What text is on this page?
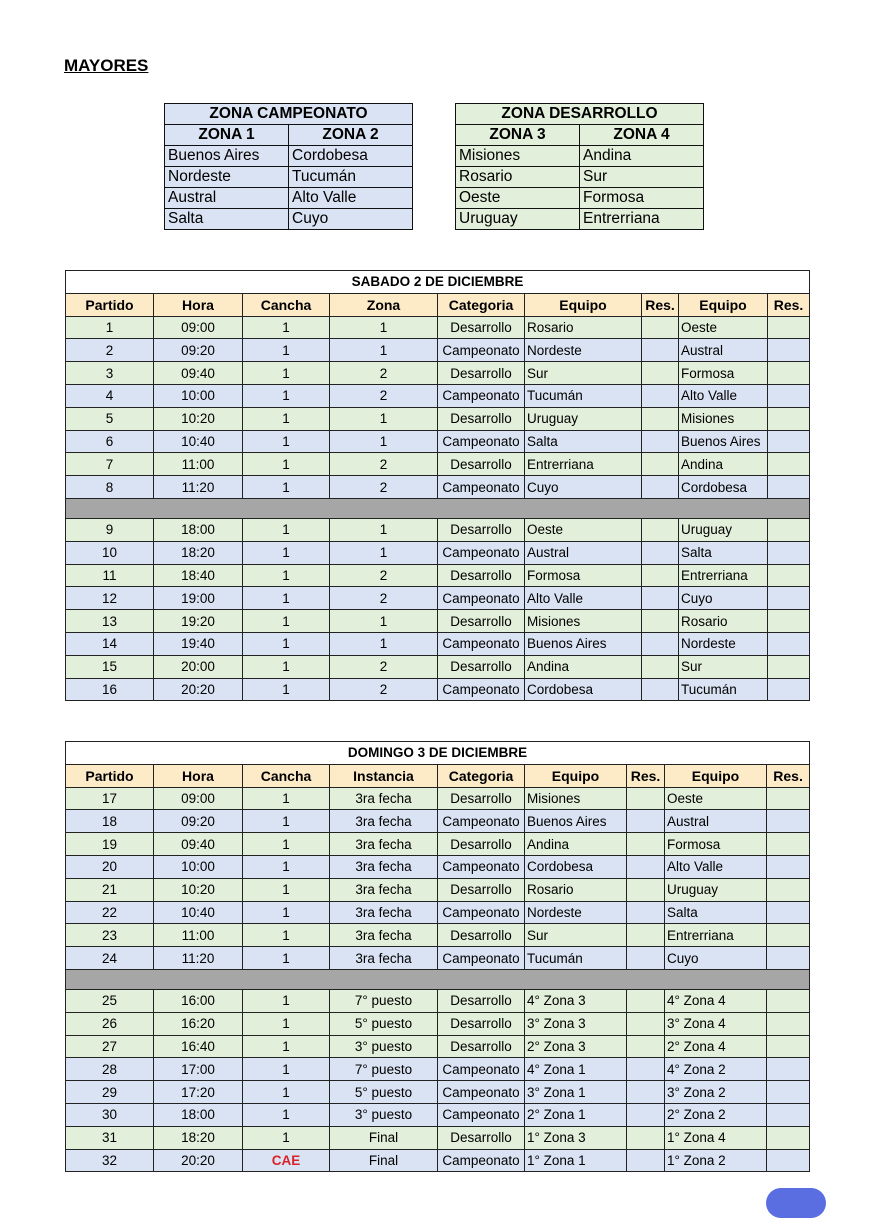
MAYORES
ZONA CAMPEONATO	
ZONA 1	ZONA 2
Buenos Aires	Cordobesa
Nordeste	Tucumán
Austral	Alto Valle
Salta	Cuyo
ZONA DESARROLLO	
ZONA 3	ZONA 4
Misiones	Andina
Rosario	Sur
Oeste	Formosa
Uruguay	Entrerriana
SABADO 2 DE DICIEMBRE								
Partido	Hora	Cancha	Zona	Categoria	Equipo	Res.	Equipo	Res.
1	09:00	1	1	Desarrollo	Rosario		Oeste	
2	09:20	1	1	Campeonato	Nordeste		Austral	
3	09:40	1	2	Desarrollo	Sur		Formosa	
4	10:00	1	2	Campeonato	Tucumán		Alto Valle	
5	10:20	1	1	Desarrollo	Uruguay		Misiones	
6	10:40	1	1	Campeonato	Salta		Buenos Aires	
7	11:00	1	2	Desarrollo	Entrerriana		Andina	
8	11:20	1	2	Campeonato	Cuyo		Cordobesa	

9	18:00	1	1	Desarrollo	Oeste		Uruguay	
10	18:20	1	1	Campeonato	Austral		Salta	
11	18:40	1	2	Desarrollo	Formosa		Entrerriana	
12	19:00	1	2	Campeonato	Alto Valle		Cuyo	
13	19:20	1	1	Desarrollo	Misiones		Rosario	
14	19:40	1	1	Campeonato	Buenos Aires		Nordeste	
15	20:00	1	2	Desarrollo	Andina		Sur	
16	20:20	1	2	Campeonato	Cordobesa		Tucumán	
DOMINGO 3 DE DICIEMBRE								
Partido	Hora	Cancha	Instancia	Categoria	Equipo	Res.	Equipo	Res.
17	09:00	1	3ra fecha	Desarrollo	Misiones		Oeste	
18	09:20	1	3ra fecha	Campeonato	Buenos Aires		Austral	
19	09:40	1	3ra fecha	Desarrollo	Andina		Formosa	
20	10:00	1	3ra fecha	Campeonato	Cordobesa		Alto Valle	
21	10:20	1	3ra fecha	Desarrollo	Rosario		Uruguay	
22	10:40	1	3ra fecha	Campeonato	Nordeste		Salta	
23	11:00	1	3ra fecha	Desarrollo	Sur		Entrerriana	
24	11:20	1	3ra fecha	Campeonato	Tucumán		Cuyo	

25	16:00	1	7° puesto	Desarrollo	4° Zona 3		4° Zona 4	
26	16:20	1	5° puesto	Desarrollo	3° Zona 3		3° Zona 4	
27	16:40	1	3° puesto	Desarrollo	2° Zona 3		2° Zona 4	
28	17:00	1	7° puesto	Campeonato	4° Zona 1		4° Zona 2	
29	17:20	1	5° puesto	Campeonato	3° Zona 1		3° Zona 2	
30	18:00	1	3° puesto	Campeonato	2° Zona 1		2° Zona 2	
31	18:20	1	Final	Desarrollo	1° Zona 3		1° Zona 4	
32	20:20	CAE	Final	Campeonato	1° Zona 1		1° Zona 2	
